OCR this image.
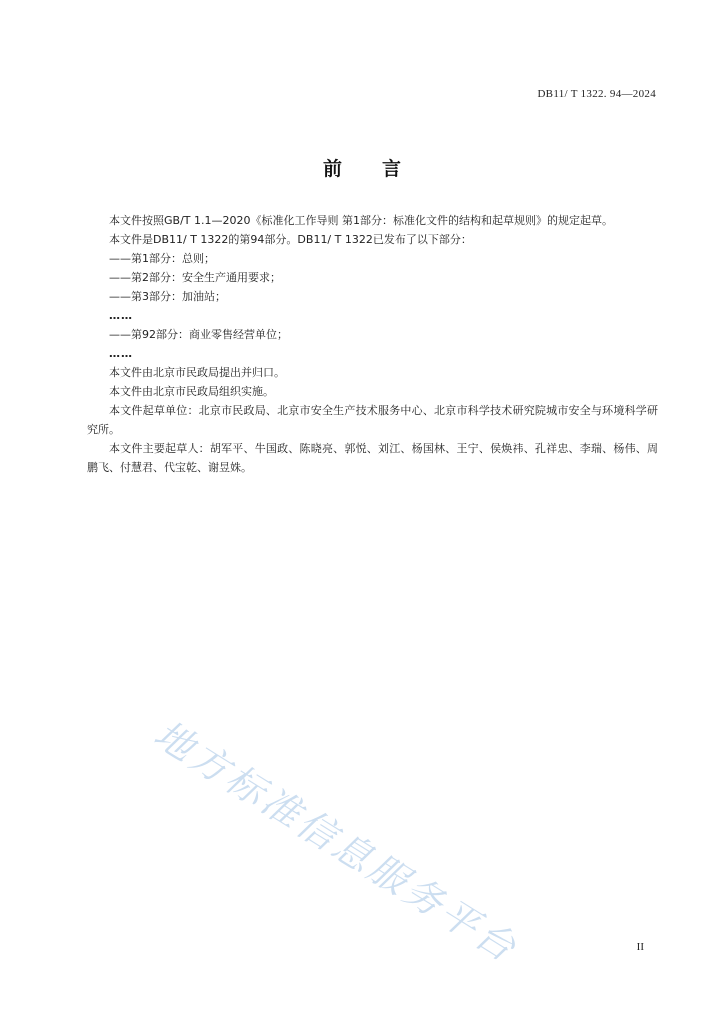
DB11/ T 1322. 94—2024
前 言

本文件按照GB/T 1.1—2020《标准化工作导则 第1部分：标准化文件的结构和起草规则》的规定起草。

本文件是DB11/ T 1322的第94部分。DB11/ T 1322已发布了以下部分：

——第1部分：总则；

——第2部分：安全生产通用要求；

——第3部分：加油站；

……

——第92部分：商业零售经营单位；

……

本文件由北京市民政局提出并归口。

本文件由北京市民政局组织实施。

本文件起草单位：北京市民政局、北京市安全生产技术服务中心、北京市科学技术研究院城市安全与环境科学研究所。

本文件主要起草人：胡军平、牛国政、陈晓亮、郭悦、刘江、杨国林、王宁、侯焕祎、孔祥忠、李瑞、杨伟、周鹏飞、付慧君、代宝乾、谢昱姝。

地方标准信息服务平台	II
